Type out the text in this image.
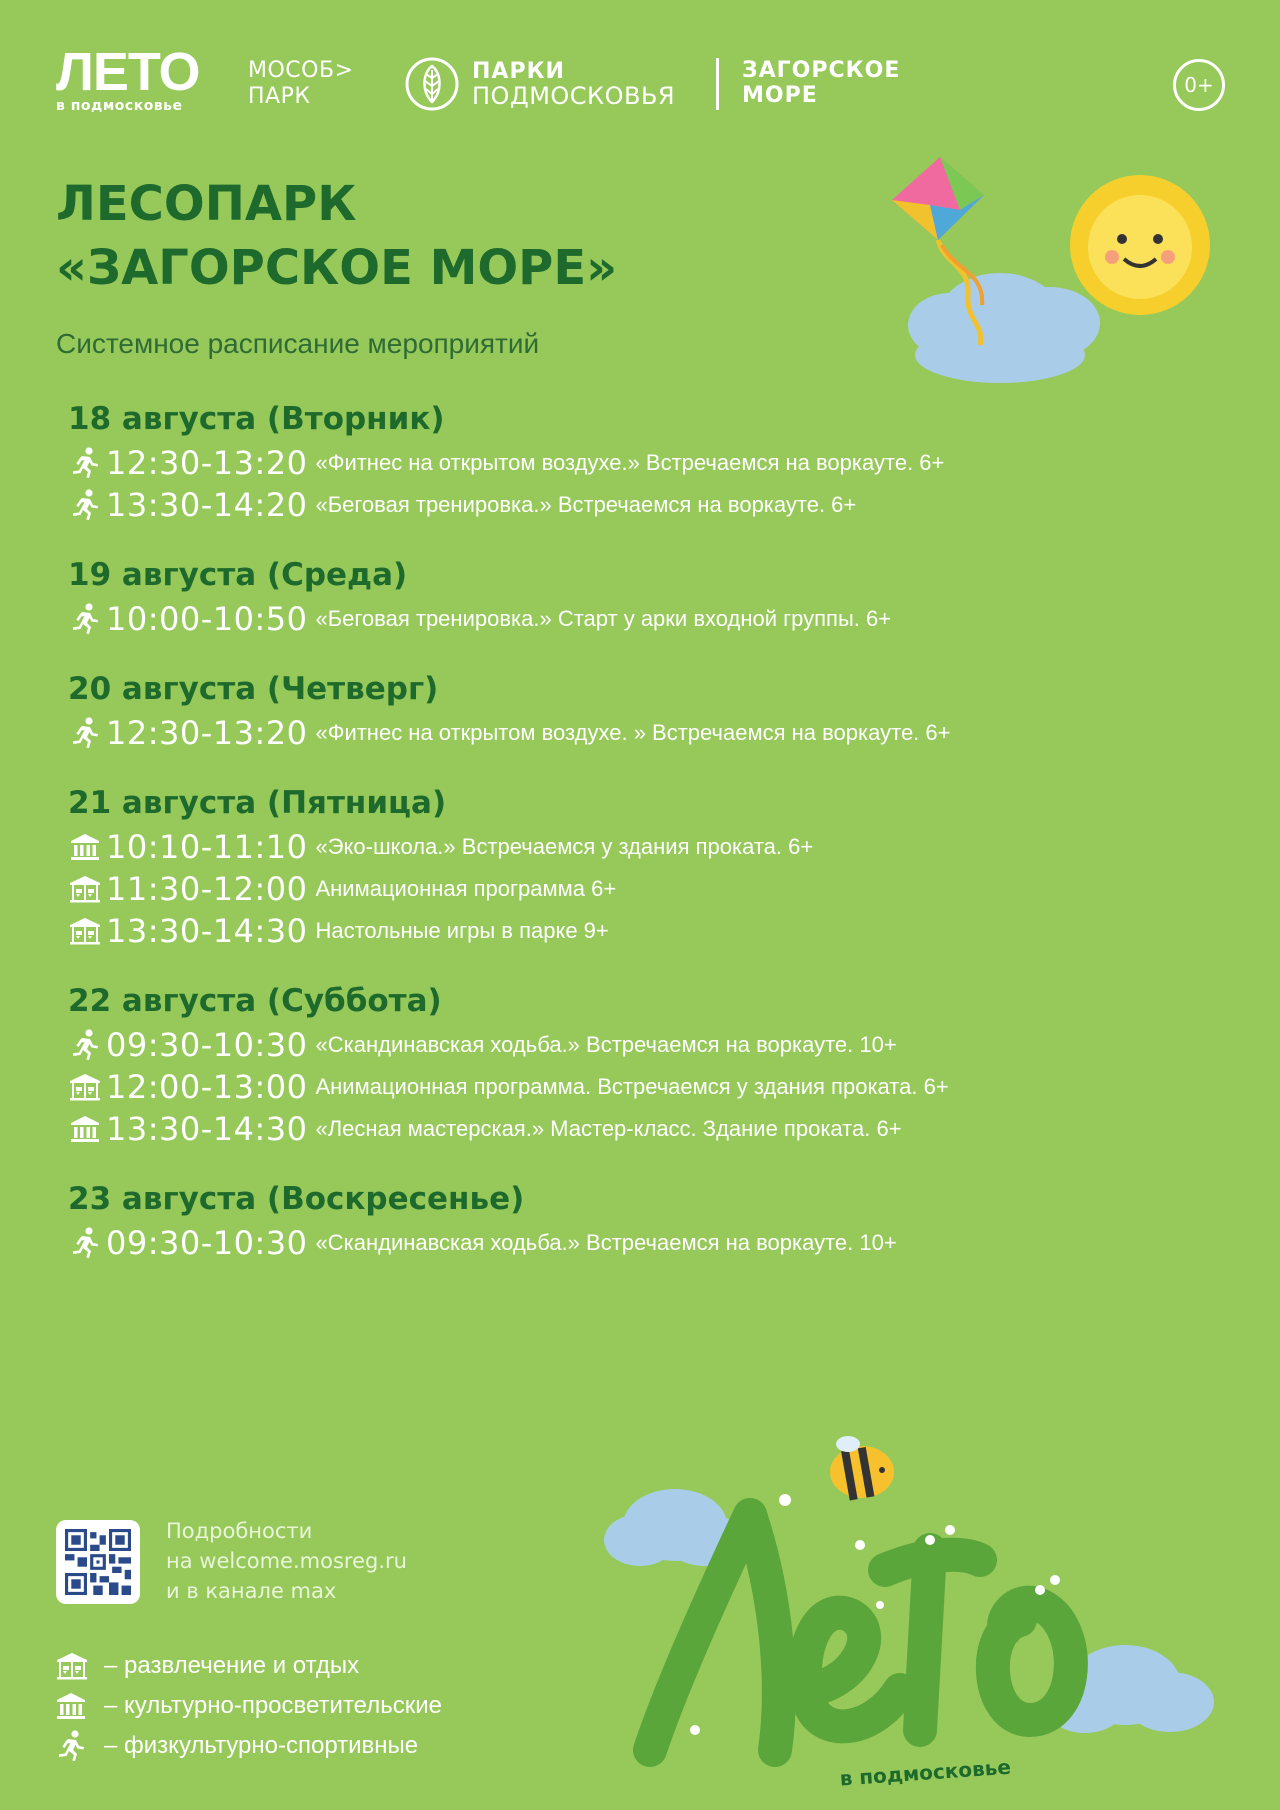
ЛЕТО
в подмосковье
МОСОБ>
ПАРК
ПАРКИ
ПОДМОСКОВЬЯ
ЗАГОРСКОЕ
МОРЕ	0+
ЛЕСОПАРК
«ЗАГОРСКОЕ МОРЕ»
Системное расписание мероприятий
18 августа (Вторник)
12:30-13:20 «Фитнес на открытом воздухе.» Встречаемся на воркауте. 6+
13:30-14:20 «Беговая тренировка.» Встречаемся на воркауте. 6+
19 августа (Среда)
10:00-10:50 «Беговая тренировка.» Старт у арки входной группы. 6+
20 августа (Четверг)
12:30-13:20 «Фитнес на открытом воздухе. » Встречаемся на воркауте. 6+
21 августа (Пятница)
10:10-11:10 «Эко-школа.» Встречаемся у здания проката. 6+
11:30-12:00 Анимационная программа 6+
13:30-14:30 Настольные игры в парке 9+
22 августа (Суббота)
09:30-10:30 «Скандинавская ходьба.» Встречаемся на воркауте. 10+
12:00-13:00 Анимационная программа. Встречаемся у здания проката. 6+
13:30-14:30 «Лесная мастерская.» Мастер-класс. Здание проката. 6+
23 августа (Воскресенье)
09:30-10:30 «Скандинавская ходьба.» Встречаемся на воркауте. 10+
Подробности
на welcome.mosreg.ru
и в канале max
– развлечение и отдых
– культурно-просветительские
– физкультурно-спортивные
в подмосковье
